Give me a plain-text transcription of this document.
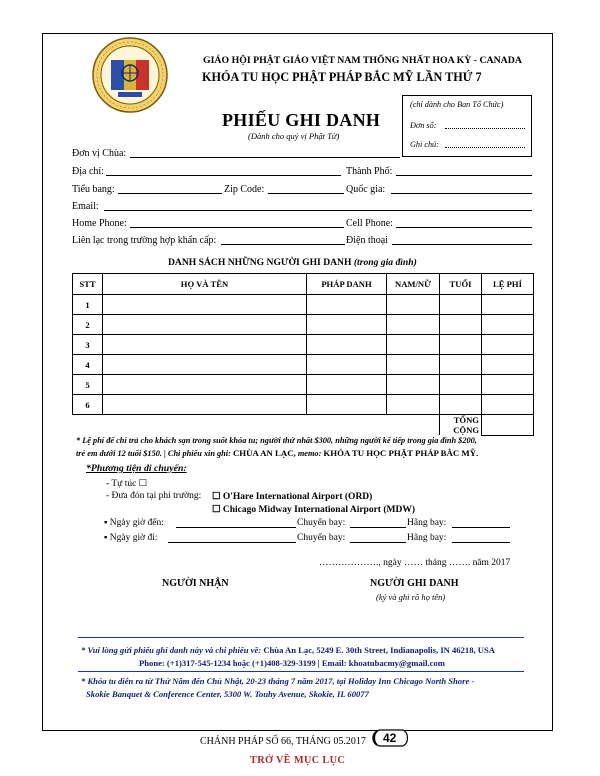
GIÁO HỘI PHẬT GIÁO VIỆT NAM THỐNG NHẤT HOA KỲ - CANADA
KHÓA TU HỌC PHẬT PHÁP BẮC MỸ LẦN THỨ 7
PHIẾU GHI DANH
(Dành cho quý vị Phật Tử)
(chỉ dành cho Ban Tổ Chức)
Đơn số:
Ghi chú:
Đơn vị Chùa:
Địa chỉ:	Thành Phố:
Tiểu bang:	Zip Code:	Quốc gia:
Email:
Home Phone:	Cell Phone:
Liên lạc trong trường hợp khẩn cấp:	Điện thoại
DANH SÁCH NHỮNG NGƯỜI GHI DANH (trong gia đình)
STT	HỌ VÀ TÊN	PHÁP DANH	NAM/NỮ	TUỔI	LỆ PHÍ
1					
2					
3					
4					
5					
6					
				TỔNG CỘNG	
* Lệ phí để chi trả cho khách sạn trong suốt khóa tu; người thứ nhất $300, những người kế tiếp trong gia đình $200,
trẻ em dưới 12 tuổi $150. | Chi phiếu xin ghi: CHÙA AN LẠC, memo: KHÓA TU HỌC PHẬT PHÁP BẮC MỸ.
*Phương tiện di chuyển:
- Tự túc ☐
- Đưa đón tại phi trường: ☐ O'Hare International Airport (ORD)
☐ Chicago Midway International Airport (MDW)
▪ Ngày giờ đến:	Chuyến bay:	Hãng bay:
▪ Ngày giờ đi:	Chuyến bay:	Hãng bay:
………………., ngày …… tháng ……. năm 2017
NGƯỜI NHẬN	NGƯỜI GHI DANH
(ký và ghi rõ họ tên)
* Vui lòng gửi phiếu ghi danh này và chi phiếu về: Chùa An Lạc, 5249 E. 30th Street, Indianapolis, IN 46218, USA
Phone: (+1)317-545-1234 hoặc (+1)408-329-3199 | Email: khoatubacmy@gmail.com
* Khóa tu diễn ra từ Thứ Năm đến Chủ Nhật, 20-23 tháng 7 năm 2017, tại Holiday Inn Chicago North Shore -
Skokie Banquet & Conference Center, 5300 W. Touhy Avenue, Skokie, IL 60077
CHÁNH PHÁP SỐ 66, THÁNG 05.2017 42
TRỞ VỀ MỤC LỤC
